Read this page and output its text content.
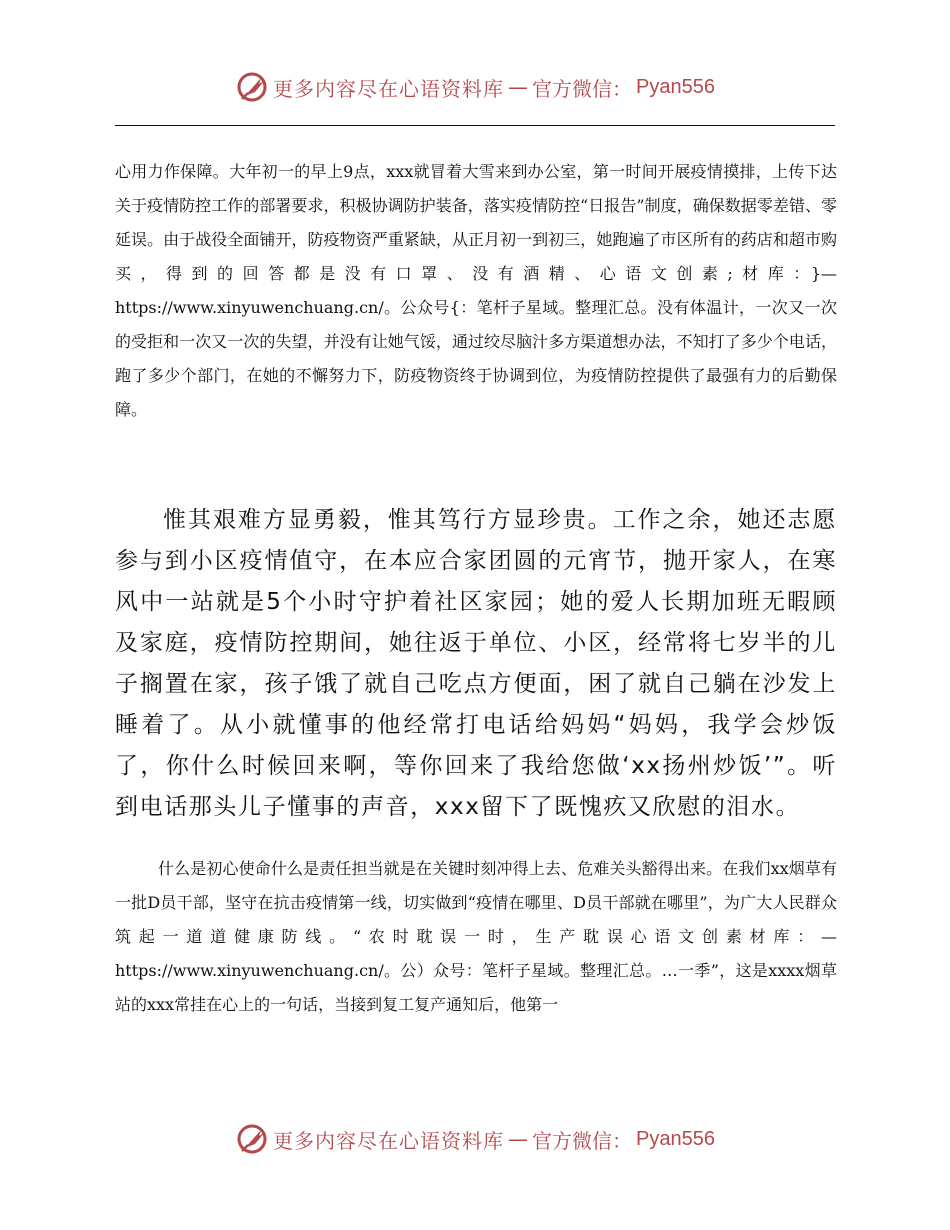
更多内容尽在心语资料库 — 官方微信： Pyan556

心用力作保障。大年初一的早上9点，xxx就冒着大雪来到办公室，第一时间开展疫情摸排，上传下达关于疫情防控工作的部署要求，积极协调防护装备，落实疫情防控“日报告”制度，确保数据零差错、零延误。由于战役全面铺开，防疫物资严重紧缺，从正月初一到初三，她跑遍了市区所有的药店和超市购买，得到的回答都是没有口罩、没有酒精、心语文创素;材库：}—https://www.xinyuwenchuang.cn/。公众号{：笔杆子星域。整理汇总。没有体温计，一次又一次的受拒和一次又一次的失望，并没有让她气馁，通过绞尽脑汁多方渠道想办法，不知打了多少个电话，跑了多少个部门，在她的不懈努力下，防疫物资终于协调到位，为疫情防控提供了最强有力的后勤保障。

惟其艰难方显勇毅，惟其笃行方显珍贵。工作之余，她还志愿参与到小区疫情值守，在本应合家团圆的元宵节，抛开家人，在寒风中一站就是5个小时守护着社区家园；她的爱人长期加班无暇顾及家庭，疫情防控期间，她往返于单位、小区，经常将七岁半的儿子搁置在家，孩子饿了就自己吃点方便面，困了就自己躺在沙发上睡着了。从小就懂事的他经常打电话给妈妈“妈妈，我学会炒饭了，你什么时候回来啊，等你回来了我给您做‘xx扬州炒饭’”。听到电话那头儿子懂事的声音，xxx留下了既愧疚又欣慰的泪水。

什么是初心使命什么是责任担当就是在关键时刻冲得上去、危难关头豁得出来。在我们xx烟草有一批D员干部，坚守在抗击疫情第一线，切实做到“疫情在哪里、D员干部就在哪里”，为广大人民群众筑起一道道健康防线。“农时耽误一时，生产耽误心语文创素材库：—https://www.xinyuwenchuang.cn/。公）众号：笔杆子星域。整理汇总。…一季”，这是xxxx烟草站的xxx常挂在心上的一句话，当接到复工复产通知后，他第一

更多内容尽在心语资料库 — 官方微信： Pyan556
